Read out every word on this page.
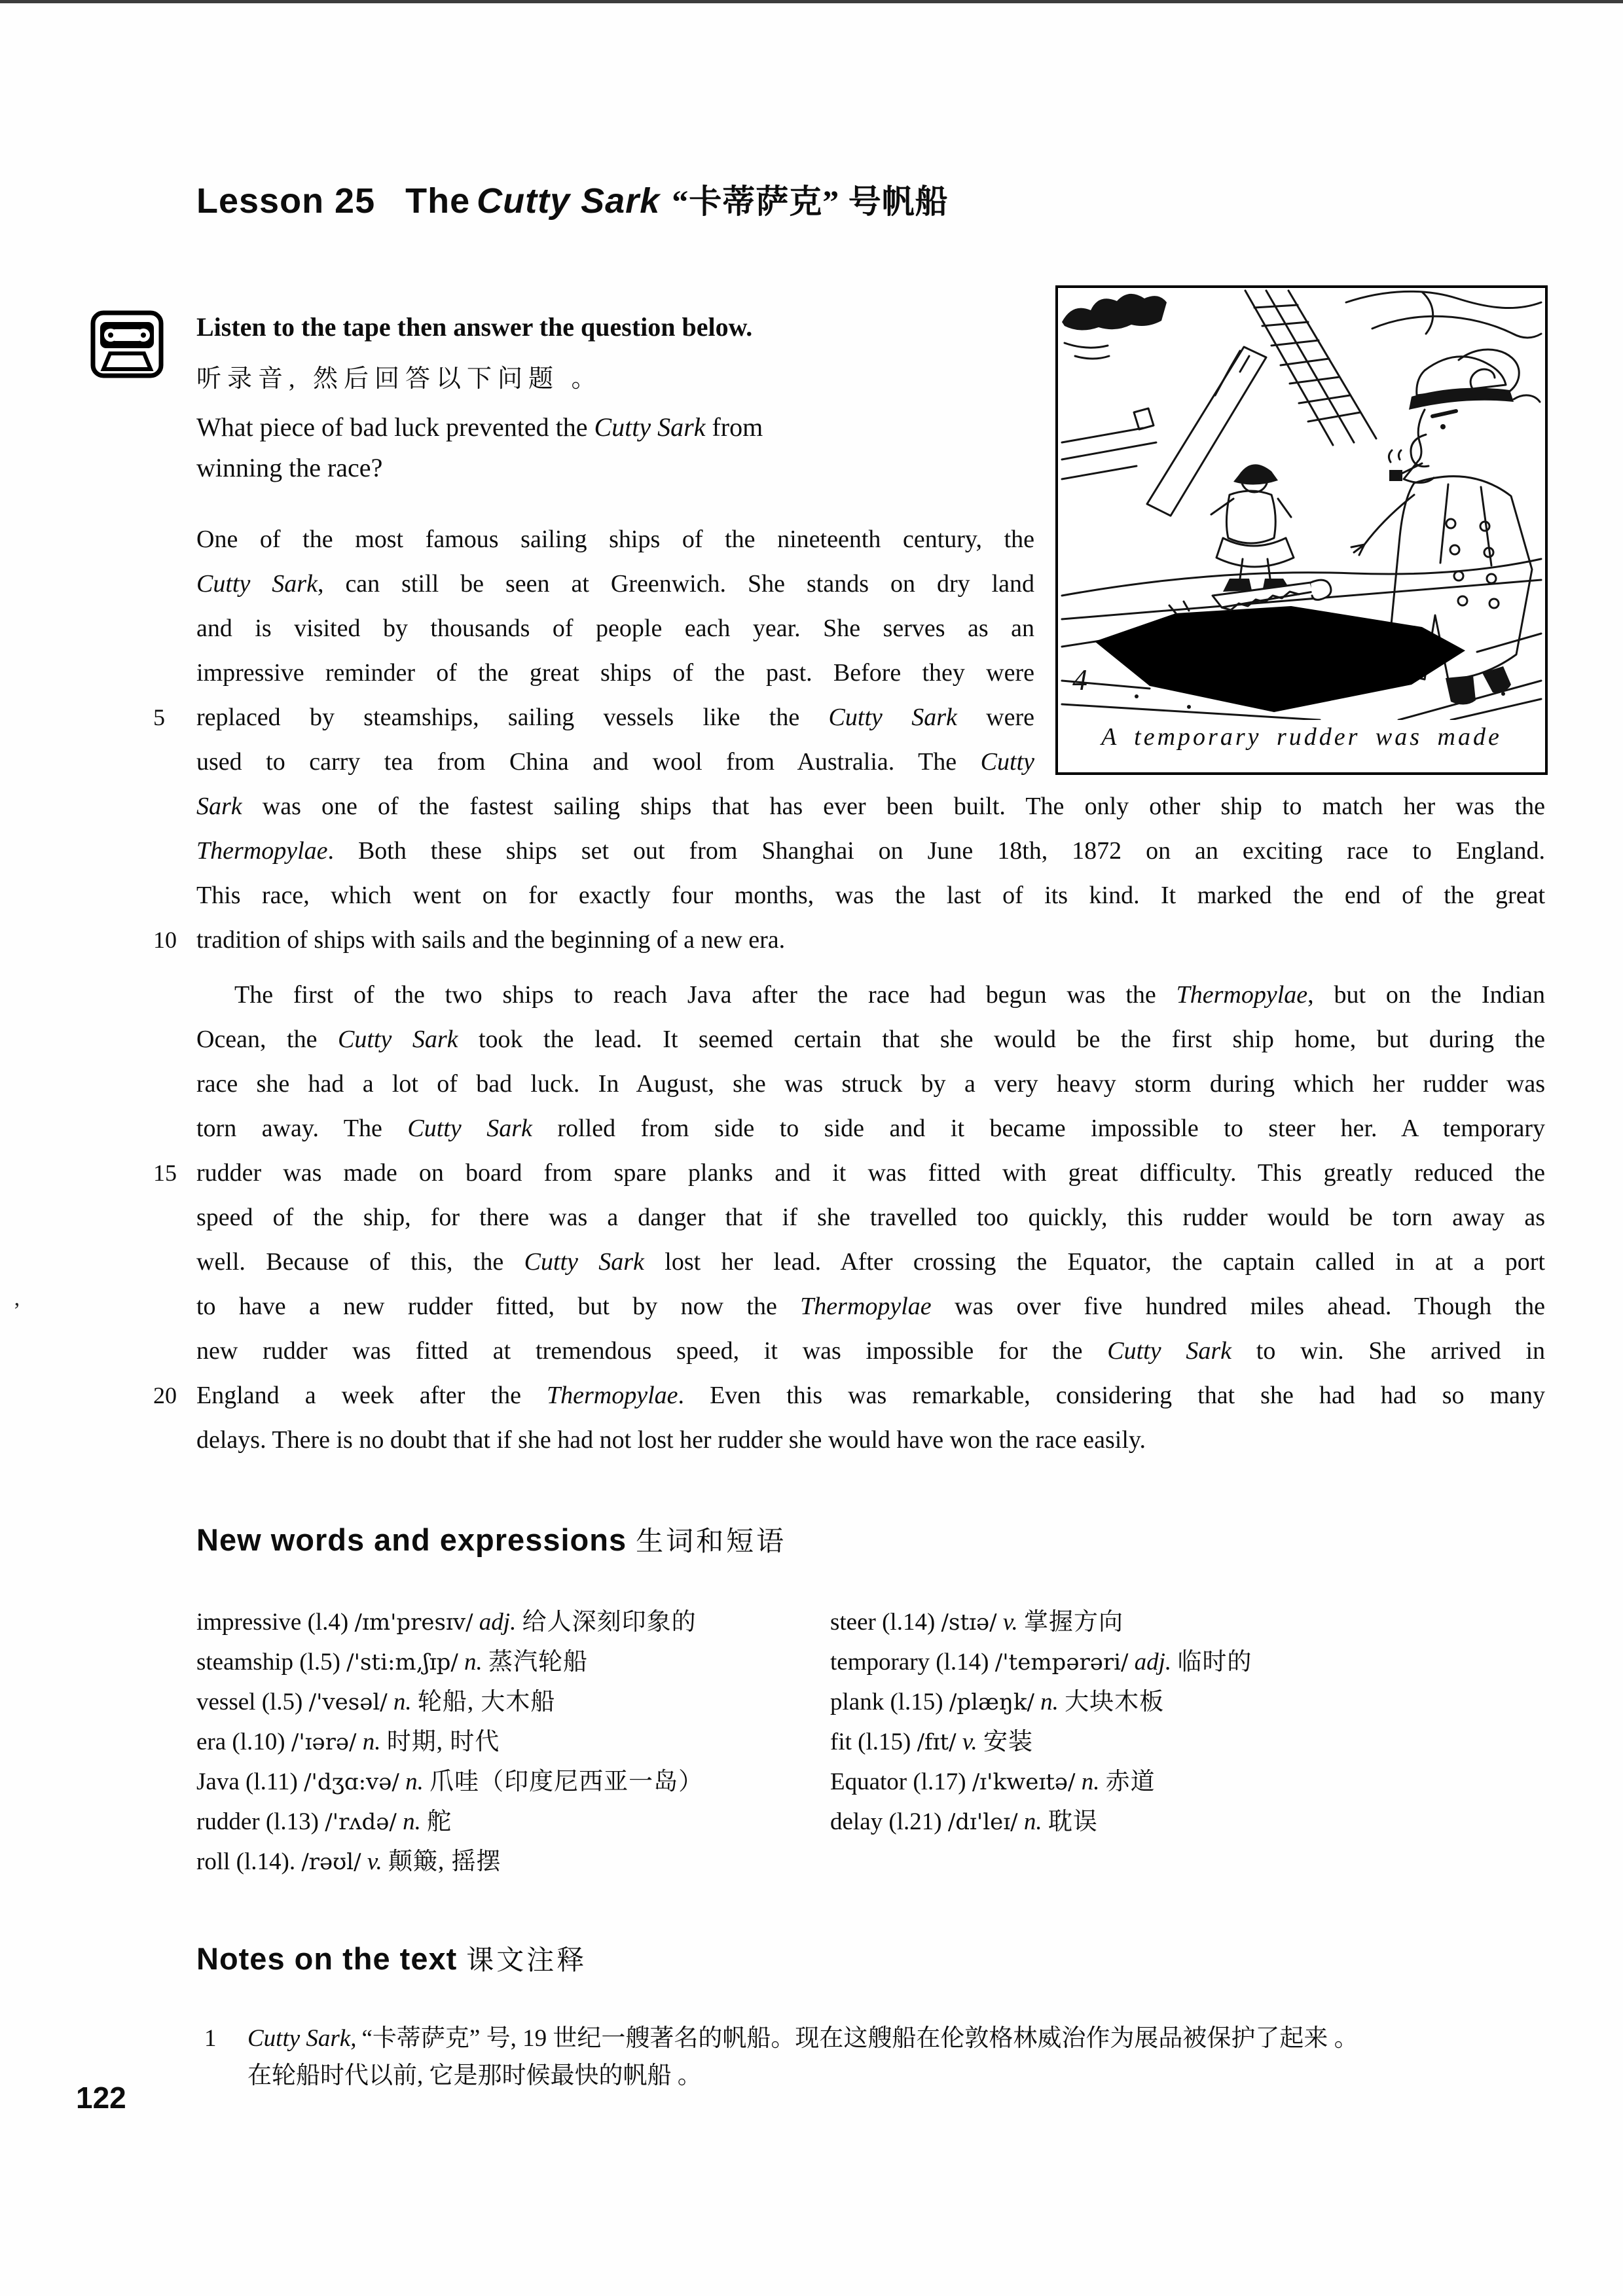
’
Lesson 25 The Cutty Sark “卡蒂萨克” 号帆船
Listen to the tape then answer the question below.
听录音, 然后回答以下问题 。
What piece of bad luck prevented the Cutty Sark from
winning the race?
4
A temporary rudder was made
One of the most famous sailing ships of the nineteenth century, the
Cutty Sark, can still be seen at Greenwich. She stands on dry land
and is visited by thousands of people each year. She serves as an
impressive reminder of the great ships of the past. Before they were
5	replaced by steamships, sailing vessels like the Cutty Sark were
used to carry tea from China and wool from Australia. The Cutty
Sark was one of the fastest sailing ships that has ever been built. The only other ship to match her was the
Thermopylae. Both these ships set out from Shanghai on June 18th, 1872 on an exciting race to England.
This race, which went on for exactly four months, was the last of its kind. It marked the end of the great
10 tradition of ships with sails and the beginning of a new era.
The first of the two ships to reach Java after the race had begun was the Thermopylae, but on the Indian
Ocean, the Cutty Sark took the lead. It seemed certain that she would be the first ship home, but during the
race she had a lot of bad luck. In August, she was struck by a very heavy storm during which her rudder was
torn away. The Cutty Sark rolled from side to side and it became impossible to steer her. A temporary
15 rudder was made on board from spare planks and it was fitted with great difficulty. This greatly reduced the
speed of the ship, for there was a danger that if she travelled too quickly, this rudder would be torn away as
well. Because of this, the Cutty Sark lost her lead. After crossing the Equator, the captain called in at a port
to have a new rudder fitted, but by now the Thermopylae was over five hundred miles ahead. Though the
new rudder was fitted at tremendous speed, it was impossible for the Cutty Sark to win. She arrived in
20 England a week after the Thermopylae. Even this was remarkable, considering that she had had so many
delays. There is no doubt that if she had not lost her rudder she would have won the race easily.
New words and expressions 生词和短语
impressive (l.4) /ɪm'presɪv/ adj. 给人深刻印象的
steamship (l.5) /'sti:m,ʃɪp/ n. 蒸汽轮船
vessel (l.5) /'vesəl/ n. 轮船, 大木船
era (l.10) /'ɪərə/ n. 时期, 时代
Java (l.11) /'dʒɑ:və/ n. 爪哇（印度尼西亚一岛）
rudder (l.13) /'rʌdə/ n. 舵
roll (l.14). /rəʊl/ v. 颠簸, 摇摆
steer (l.14) /stɪə/ v. 掌握方向
temporary (l.14) /'tempərəri/ adj. 临时的
plank (l.15) /plæŋk/ n. 大块木板
fit (l.15) /fɪt/ v. 安装
Equator (l.17) /ɪ'kweɪtə/ n. 赤道
delay (l.21) /dɪ'leɪ/ n. 耽误
Notes on the text 课文注释
1 Cutty Sark, “卡蒂萨克” 号, 19 世纪一艘著名的帆船。现在这艘船在伦敦格林威治作为展品被保护了起来 。
在轮船时代以前, 它是那时候最快的帆船 。
122
